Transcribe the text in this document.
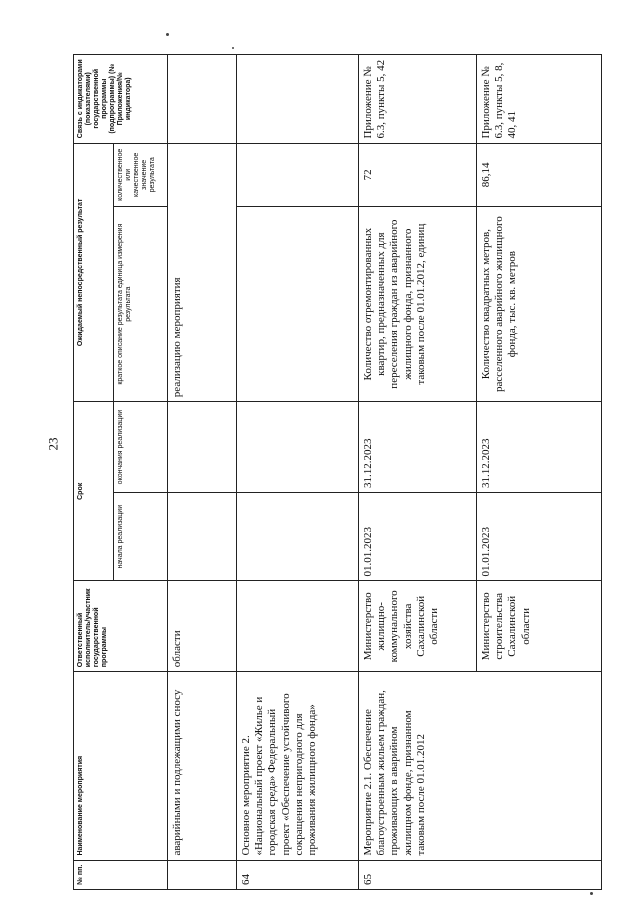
23
№ пп.	Наименование мероприятия	Ответственный исполнитель/участник государственной программы	Срок		Ожидаемый непосредственный результат		Связь с индикаторами (показателями) государственной программы (подпрограммы) (№ Приложения/№ индикатора)
			начала реализации	окончания реализации	краткое описание результата единица измерения результата	количественное или качественное значение результата	
	аварийными и подлежащими сносу	области			реализацию мероприятия		
64	Основное мероприятие 2. «Национальный проект «Жилье и городская среда» Федеральный проект «Обеспечение устойчивого сокращения непригодного для проживания жилищного фонда»						
65	Мероприятие 2.1. Обеспечение благоустроенным жильем граждан, проживающих в аварийном жилищном фонде, признанном таковым после 01.01.2012	Министерство жилищно-коммунального хозяйства Сахалинской области	01.01.2023	31.12.2023	Количество отремонтированных квартир, предназначенных для переселения граждан из аварийного жилищного фонда, признанного таковым после 01.01.2012, единиц	72	Приложение № 6.3, пункты 5, 42
		Министерство строительства Сахалинской области	01.01.2023	31.12.2023	Количество квадратных метров, расселенного аварийного жилищного фонда, тыс. кв. метров	86,14	Приложение № 6.3, пункты 5, 8, 40, 41
